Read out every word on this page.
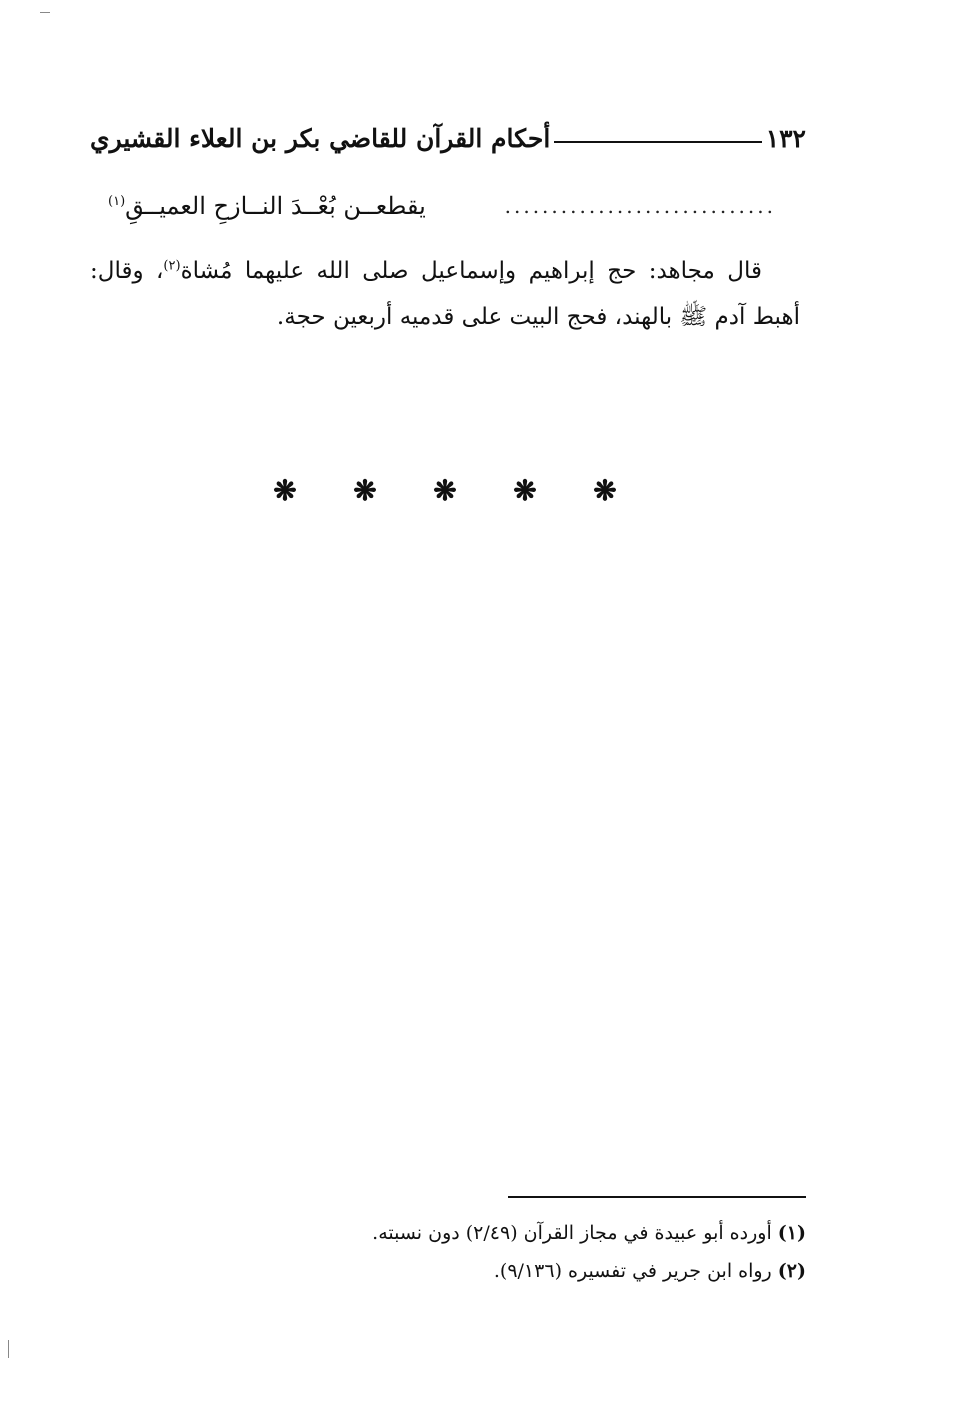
١٣٢
أحكام القرآن للقاضي بكر بن العلاء القشيري
.............................
يقطعــن بُعْــدَ النــازحِ العميــقِ$^{(١)}$
قال مجاهد: حج إبراهيم وإسماعيل صلى الله عليهما مُشاة$^{(٢)}$، وقال:
أهبط آدم ﷺ بالهند، فحج البيت على قدميه أربعين حجة.
❋ ❋ ❋ ❋ ❋
(١) أورده أبو عبيدة في مجاز القرآن (٢/٤٩) دون نسبته.
(٢) رواه ابن جرير في تفسيره (٩/١٣٦).
